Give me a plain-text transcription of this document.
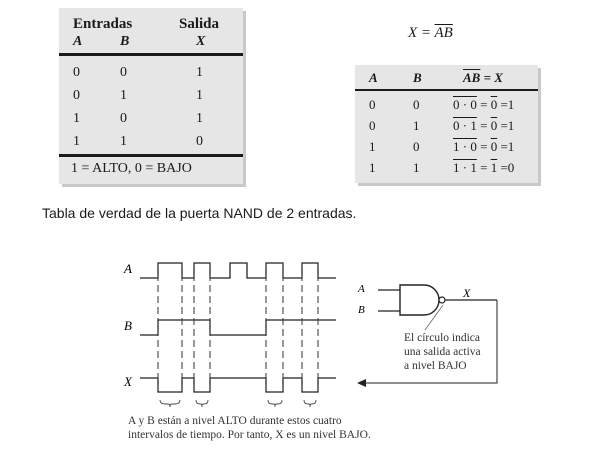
Entradas	Salida
A	B	X
0	0	1
0	1	1
1	0	1
1	1	0
1 = ALTO, 0 = BAJO
$X = \overline{AB}$
A	B	$\overline{AB} = X$
0	0	0 · 0 = 0 =1
0	1	0 · 1 = 0 =1
1	0	1 · 0 = 0 =1
1	1	1 · 1 = 1 =0
Tabla de verdad de la puerta NAND de 2 entradas.
A
B
X
A y B están a nivel ALTO durante estos cuatro
intervalos de tiempo. Por tanto, X es un nivel BAJO.
A
B
X
El círculo indica
una salida activa
a nivel BAJO
